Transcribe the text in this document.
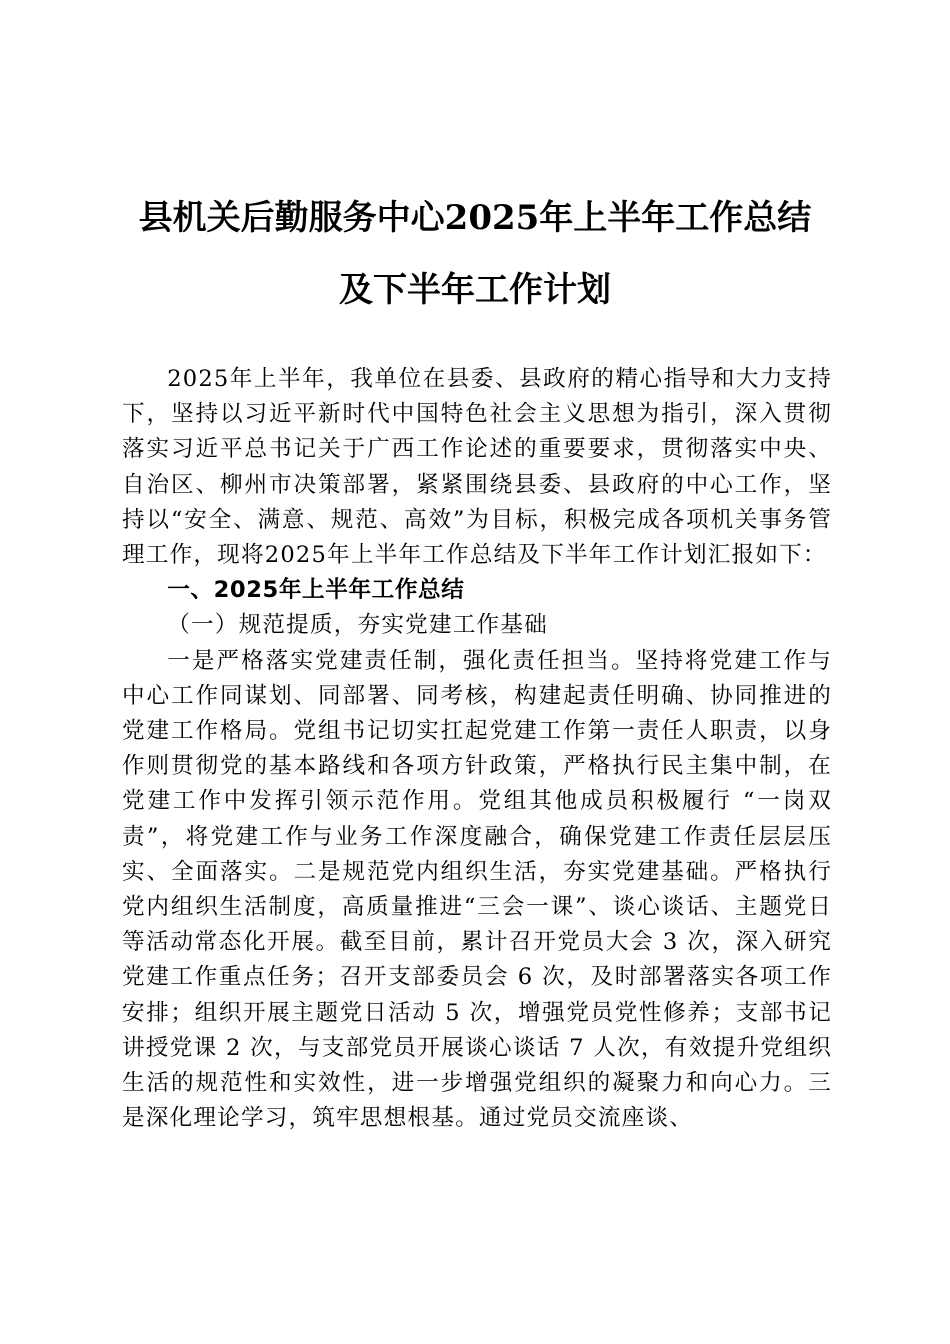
县机关后勤服务中心2025年上半年工作总结
及下半年工作计划

2025年上半年，我单位在县委、县政府的精心指导和大力支持下，坚持以习近平新时代中国特色社会主义思想为指引，深入贯彻落实习近平总书记关于广西工作论述的重要要求，贯彻落实中央、自治区、柳州市决策部署，紧紧围绕县委、县政府的中心工作，坚持以“安全、满意、规范、高效”为目标，积极完成各项机关事务管理工作，现将2025年上半年工作总结及下半年工作计划汇报如下：

一、2025年上半年工作总结

（一）规范提质，夯实党建工作基础

一是严格落实党建责任制，强化责任担当。坚持将党建工作与中心工作同谋划、同部署、同考核，构建起责任明确、协同推进的党建工作格局。党组书记切实扛起党建工作第一责任人职责，以身作则贯彻党的基本路线和各项方针政策，严格执行民主集中制，在党建工作中发挥引领示范作用。党组其他成员积极履行 “一岗双责”，将党建工作与业务工作深度融合，确保党建工作责任层层压实、全面落实。二是规范党内组织生活，夯实党建基础。严格执行党内组织生活制度，高质量推进“三会一课”、谈心谈话、主题党日等活动常态化开展。截至目前，累计召开党员大会 3 次，深入研究党建工作重点任务；召开支部委员会 6 次，及时部署落实各项工作安排；组织开展主题党日活动 5 次，增强党员党性修养；支部书记讲授党课 2 次，与支部党员开展谈心谈话 7 人次，有效提升党组织生活的规范性和实效性，进一步增强党组织的凝聚力和向心力。三是深化理论学习，筑牢思想根基。通过党员交流座谈、
